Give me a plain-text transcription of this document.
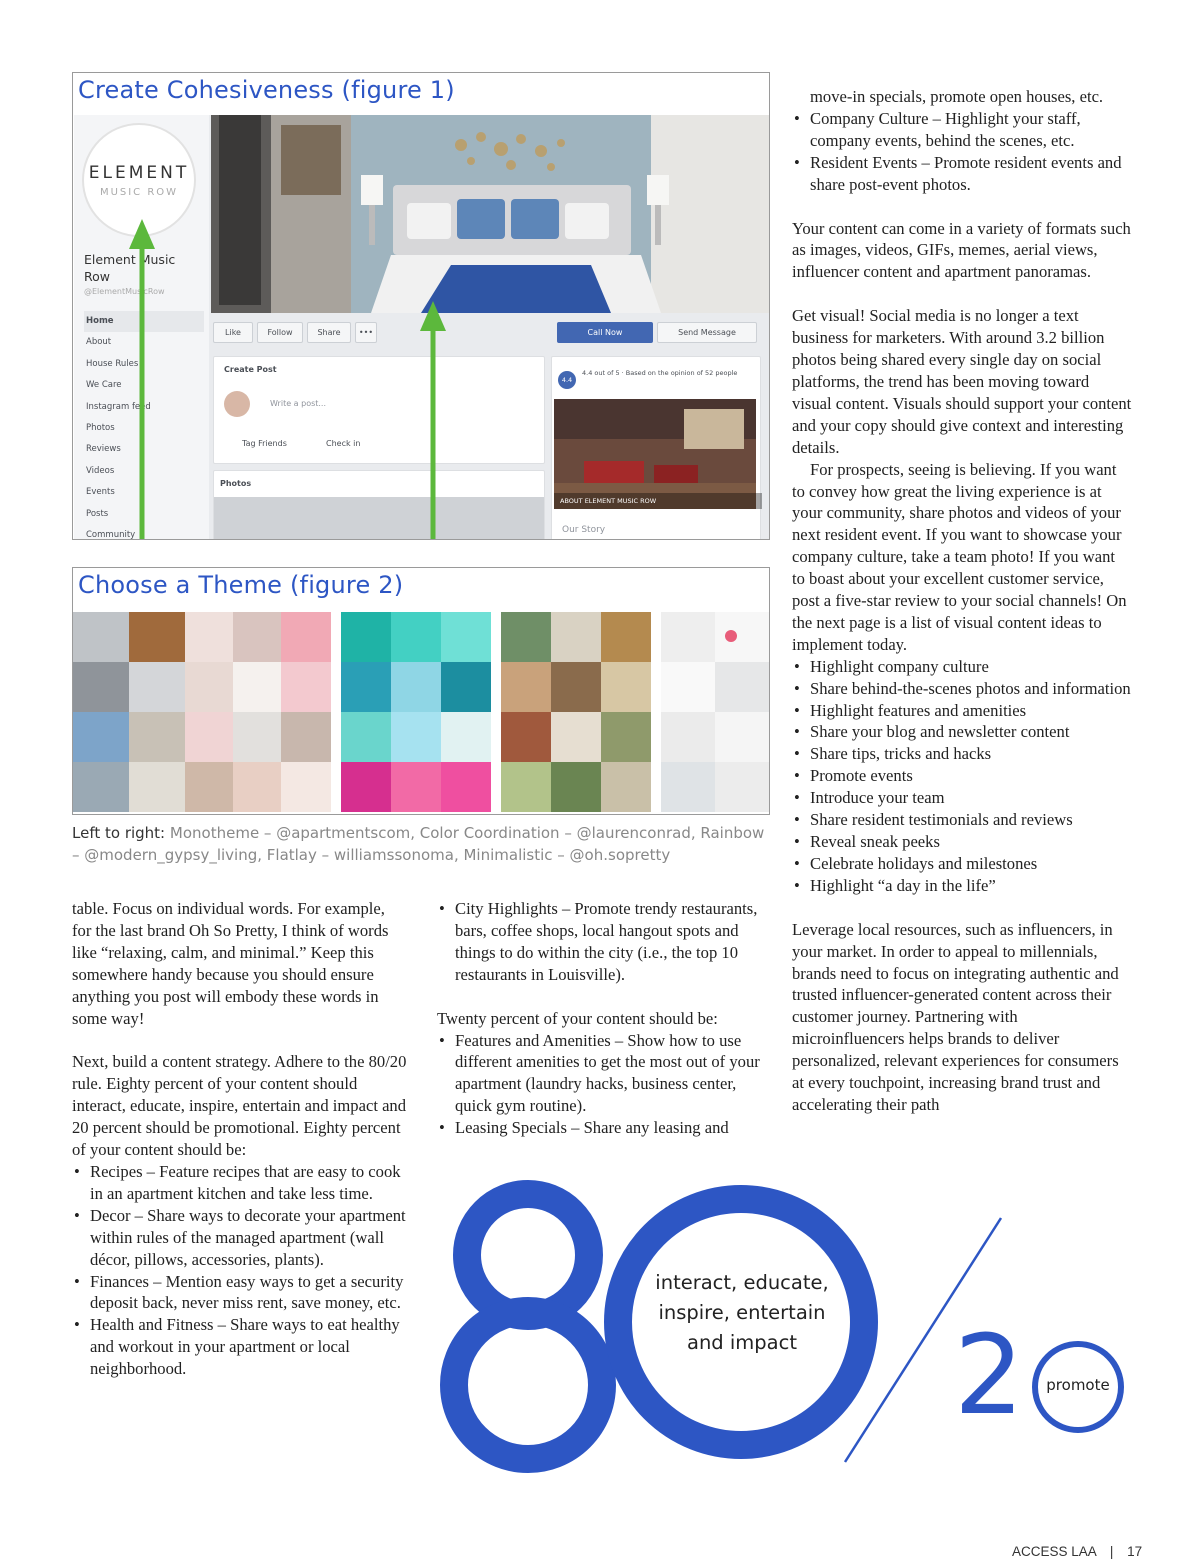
Create Cohesiveness (figure 1)
ELEMENT
MUSIC ROW
Element Music Row
@ElementMusicRow
Home
About
House Rules
We Care
Instagram feed
Photos
Reviews
Videos
Events
Posts
Community
Like	Follow	Share	•••	Call Now	Send Message
Create Post
Write a post...
Tag Friends	Check in
Photos
4.4
4.4 out of 5 · Based on the opinion of 52 people
ABOUT ELEMENT MUSIC ROW
Our Story
Choose a Theme (figure 2)
Left to right: Monotheme – @apartmentscom, Color Coordination – @laurenconrad, Rainbow – @modern_gypsy_living, Flatlay – williamssonoma, Minimalistic – @oh.sopretty

table. Focus on individual words. For example, for the last brand Oh So Pretty, I think of words like “relaxing, calm, and minimal.” Keep this somewhere handy because you should ensure anything you post will embody these words in some way!

Next, build a content strategy. Adhere to the 80/20 rule. Eighty percent of your content should interact, educate, inspire, entertain and impact and 20 percent should be promotional. Eighty percent of your content should be:

• Recipes – Feature recipes that are easy to cook in an apartment kitchen and take less time.
• Decor – Share ways to decorate your apartment within rules of the managed apartment (wall décor, pillows, accessories, plants).
• Finances – Mention easy ways to get a security deposit back, never miss rent, save money, etc.
• Health and Fitness – Share ways to eat healthy and workout in your apartment or local neighborhood.
• City Highlights – Promote trendy restaurants, bars, coffee shops, local hangout spots and things to do within the city (i.e., the top 10 restaurants in Louisville).

Twenty percent of your content should be:

• Features and Amenities – Show how to use different amenities to get the most out of your apartment (laundry hacks, business center, quick gym routine).
• Leasing Specials – Share any leasing and

move-in specials, promote open houses, etc.

• Company Culture – Highlight your staff, company events, behind the scenes, etc.
• Resident Events – Promote resident events and share post-event photos.

Your content can come in a variety of formats such as images, videos, GIFs, memes, aerial views, influencer content and apartment panoramas.

Get visual! Social media is no longer a text business for marketers. With around 3.2 billion photos being shared every single day on social platforms, the trend has been moving toward visual content. Visuals should support your content and your copy should give context and interesting details.

For prospects, seeing is believing. If you want to convey how great the living experience is at your community, share photos and videos of your next resident event. If you want to showcase your company culture, take a team photo! If you want to boast about your excellent customer service, post a five-star review to your social channels! On the next page is a list of visual content ideas to implement today.

• Highlight company culture
• Share behind-the-scenes photos and information
• Highlight features and amenities
• Share your blog and newsletter content
• Share tips, tricks and hacks
• Promote events
• Introduce your team
• Share resident testimonials and reviews
• Reveal sneak peeks
• Celebrate holidays and milestones
• Highlight “a day in the life”

Leverage local resources, such as influencers, in your market. In order to appeal to millennials, brands need to focus on integrating authentic and trusted influencer-generated content across their customer journey. Partnering with microinfluencers helps brands to deliver personalized, relevant experiences for consumers at every touchpoint, increasing brand trust and accelerating their path

interact, educate,
inspire, entertain
and impact 2	promote
ACCESS LAA | 17
